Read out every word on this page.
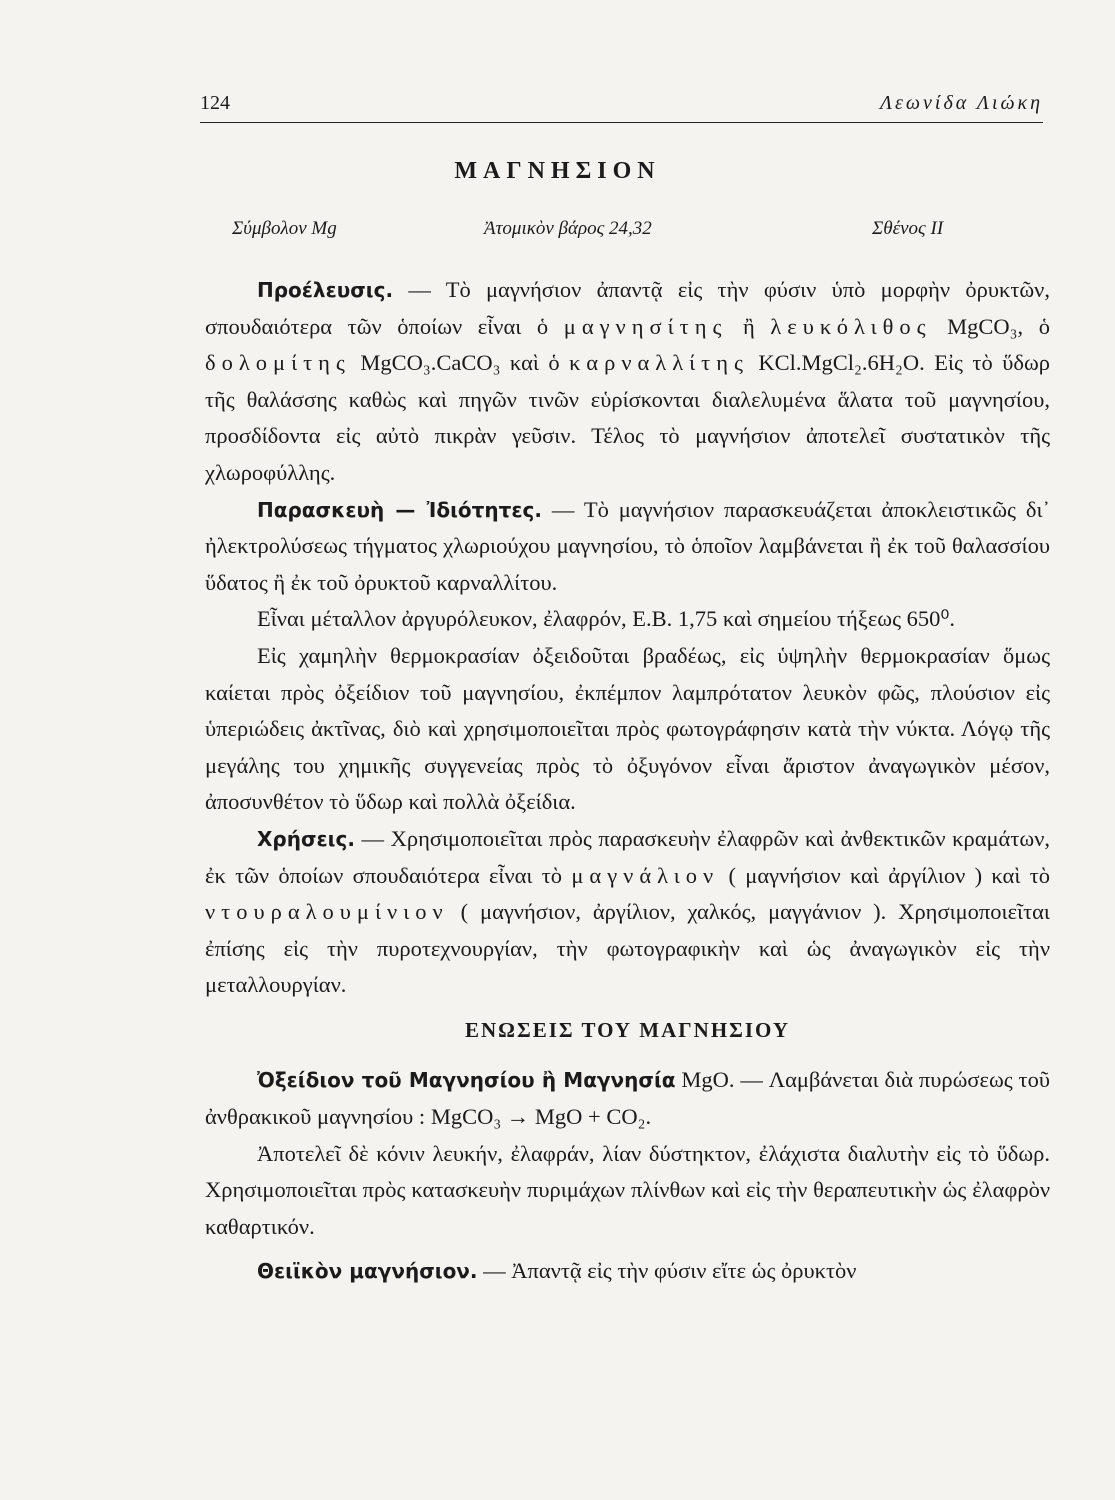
124	Λεωνίδα Λιώκη
ΜΑΓΝΗΣΙΟΝ
Σύμβολον Mg	Ἀτομικὸν βάρος 24,32	Σθένος II

Προέλευσις. — Τὸ μαγνήσιον ἀπαντᾷ εἰς τὴν φύσιν ὑπὸ μορφὴν ὀρυκτῶν, σπουδαιότερα τῶν ὁποίων εἶναι ὁ μαγνησίτης ἢ λευκόλιθος MgCO₃, ὁ δολομίτης MgCO₃.CaCO₃ καὶ ὁ καρναλλίτης KCl.MgCl₂.6H₂O. Εἰς τὸ ὕδωρ τῆς θαλάσσης καθὼς καὶ πηγῶν τινῶν εὑρίσκονται διαλελυμένα ἅλατα τοῦ μαγνησίου, προσδίδοντα εἰς αὐτὸ πικρὰν γεῦσιν. Τέλος τὸ μαγνήσιον ἀποτελεῖ συστατικὸν τῆς χλωροφύλλης.

Παρασκευὴ — Ἰδιότητες. — Τὸ μαγνήσιον παρασκευάζεται ἀποκλειστικῶς δι᾽ ἠλεκτρολύσεως τήγματος χλωριούχου μαγνησίου, τὸ ὁποῖον λαμβάνεται ἢ ἐκ τοῦ θαλασσίου ὕδατος ἢ ἐκ τοῦ ὀρυκτοῦ καρναλλίτου.

Εἶναι μέταλλον ἀργυρόλευκον, ἐλαφρόν, Ε.Β. 1,75 καὶ σημείου τήξεως 650⁰.

Εἰς χαμηλὴν θερμοκρασίαν ὀξειδοῦται βραδέως, εἰς ὑψηλὴν θερμοκρασίαν ὅμως καίεται πρὸς ὀξείδιον τοῦ μαγνησίου, ἐκπέμπον λαμπρότατον λευκὸν φῶς, πλούσιον εἰς ὑπεριώδεις ἀκτῖνας, διὸ καὶ χρησιμοποιεῖται πρὸς φωτογράφησιν κατὰ τὴν νύκτα. Λόγῳ τῆς μεγάλης του χημικῆς συγγενείας πρὸς τὸ ὀξυγόνον εἶναι ἄριστον ἀναγωγικὸν μέσον, ἀποσυνθέτον τὸ ὕδωρ καὶ πολλὰ ὀξείδια.

Χρήσεις. — Χρησιμοποιεῖται πρὸς παρασκευὴν ἐλαφρῶν καὶ ἀνθεκτικῶν κραμάτων, ἐκ τῶν ὁποίων σπουδαιότερα εἶναι τὸ μαγνάλιον ( μαγνήσιον καὶ ἀργίλιον ) καὶ τὸ ντουραλουμίνιον ( μαγνήσιον, ἀργίλιον, χαλκός, μαγγάνιον ). Χρησιμοποιεῖται ἐπίσης εἰς τὴν πυροτεχνουργίαν, τὴν φωτογραφικὴν καὶ ὡς ἀναγωγικὸν εἰς τὴν μεταλλουργίαν.

ΕΝΩΣΕΙΣ ΤΟΥ ΜΑΓΝΗΣΙΟΥ

Ὀξείδιον τοῦ Μαγνησίου ἢ Μαγνησία MgO. — Λαμβάνεται διὰ πυρώσεως τοῦ ἀνθρακικοῦ μαγνησίου : MgCO₃ → MgO + CO₂.

Ἀποτελεῖ δὲ κόνιν λευκήν, ἐλαφράν, λίαν δύστηκτον, ἐλάχιστα διαλυτὴν εἰς τὸ ὕδωρ. Χρησιμοποιεῖται πρὸς κατασκευὴν πυριμάχων πλίνθων καὶ εἰς τὴν θεραπευτικὴν ὡς ἐλαφρὸν καθαρτικόν.

Θειϊκὸν μαγνήσιον. — Ἀπαντᾷ εἰς τὴν φύσιν εἴτε ὡς ὀρυκτὸν
